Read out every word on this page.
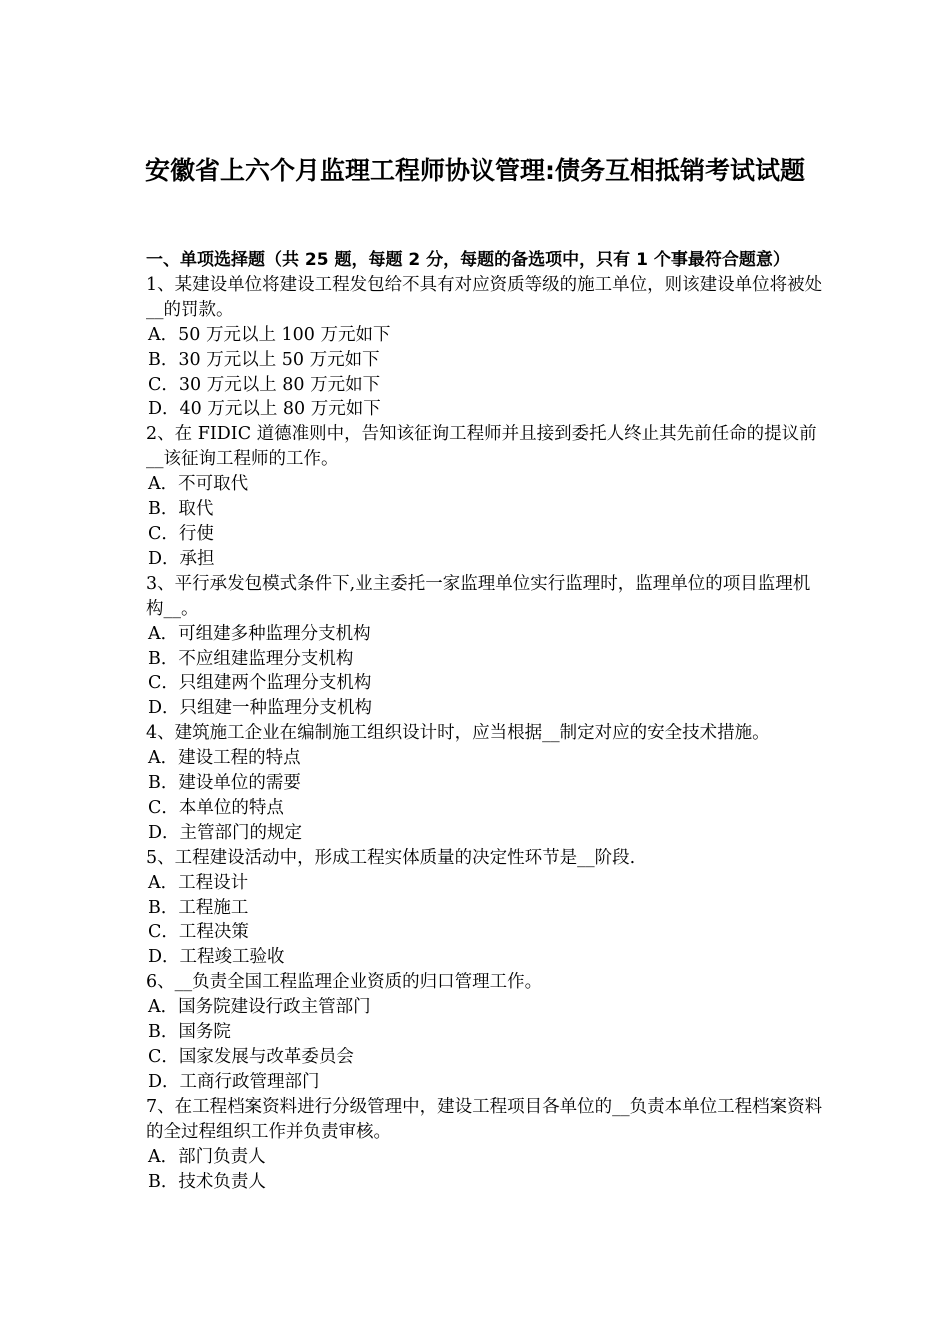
安徽省上六个月监理工程师协议管理:债务互相抵销考试试题
一、单项选择题（共 25 题，每题 2 分，每题的备选项中，只有 1 个事最符合题意）
1、某建设单位将建设工程发包给不具有对应资质等级的施工单位，则该建设单位将被处__的罚款。
A．50 万元以上 100 万元如下
B．30 万元以上 50 万元如下
C．30 万元以上 80 万元如下
D．40 万元以上 80 万元如下
2、在 FIDIC 道德准则中，告知该征询工程师并且接到委托人终止其先前任命的提议前__该征询工程师的工作。
A．不可取代
B．取代
C．行使
D．承担
3、平行承发包模式条件下,业主委托一家监理单位实行监理时，监理单位的项目监理机构__。
A．可组建多种监理分支机构
B．不应组建监理分支机构
C．只组建两个监理分支机构
D．只组建一种监理分支机构
4、建筑施工企业在编制施工组织设计时，应当根据__制定对应的安全技术措施。
A．建设工程的特点
B．建设单位的需要
C．本单位的特点
D．主管部门的规定
5、工程建设活动中，形成工程实体质量的决定性环节是__阶段.
A．工程设计
B．工程施工
C．工程决策
D．工程竣工验收
6、__负责全国工程监理企业资质的归口管理工作。
A．国务院建设行政主管部门
B．国务院
C．国家发展与改革委员会
D．工商行政管理部门
7、在工程档案资料进行分级管理中，建设工程项目各单位的__负责本单位工程档案资料的全过程组织工作并负责审核。
A．部门负责人
B．技术负责人
